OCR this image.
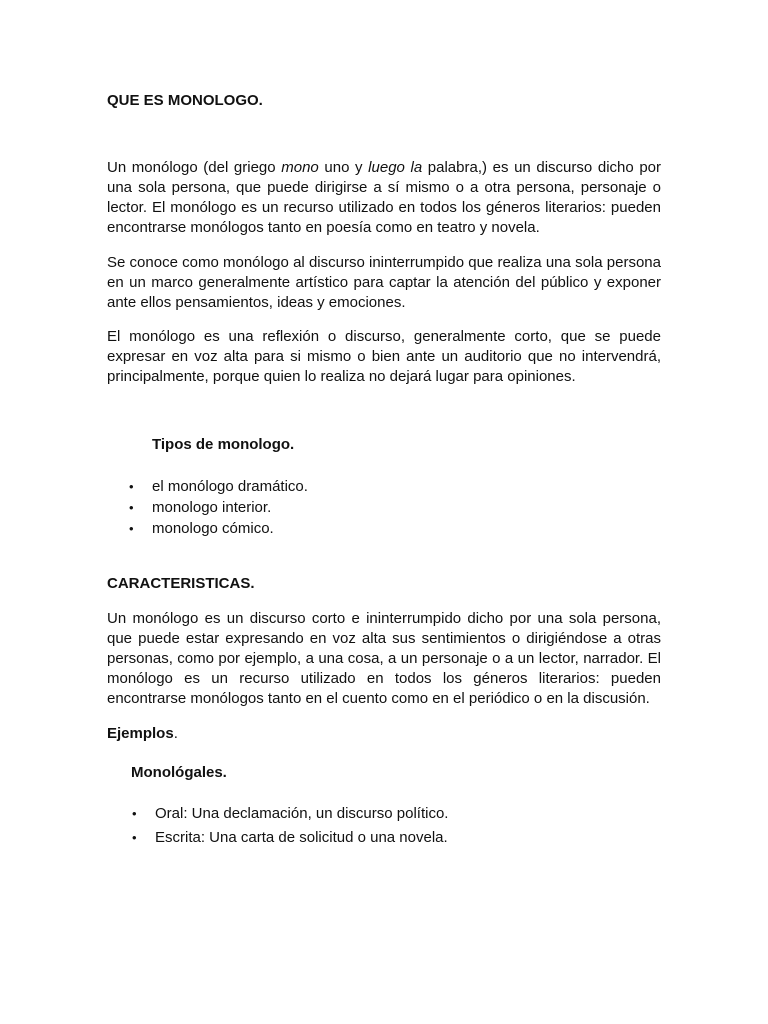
QUE ES MONOLOGO.

Un monólogo (del griego mono uno y luego la palabra,) es un discurso dicho por una sola persona, que puede dirigirse a sí mismo o a otra persona, personaje o lector. El monólogo es un recurso utilizado en todos los géneros literarios: pueden encontrarse monólogos tanto en poesía como en teatro y novela.

Se conoce como monólogo al discurso ininterrumpido que realiza una sola persona en un marco generalmente artístico para captar la atención del público y exponer ante ellos pensamientos, ideas y emociones.

El monólogo es una reflexión o discurso, generalmente corto, que se puede expresar en voz alta para si mismo o bien ante un auditorio que no intervendrá, principalmente, porque quien lo realiza no dejará lugar para opiniones.

Tipos de monologo.
• el monólogo dramático.
• monologo interior.
• monologo cómico.
CARACTERISTICAS.

Un monólogo es un discurso corto e ininterrumpido dicho por una sola persona, que puede estar expresando en voz alta sus sentimientos o dirigiéndose a otras personas, como por ejemplo, a una cosa, a un personaje o a un lector, narrador. El monólogo es un recurso utilizado en todos los géneros literarios: pueden encontrarse monólogos tanto en el cuento como en el periódico o en la discusión.

Ejemplos.

Monológales.
• Oral: Una declamación, un discurso político.
• Escrita: Una carta de solicitud o una novela.
